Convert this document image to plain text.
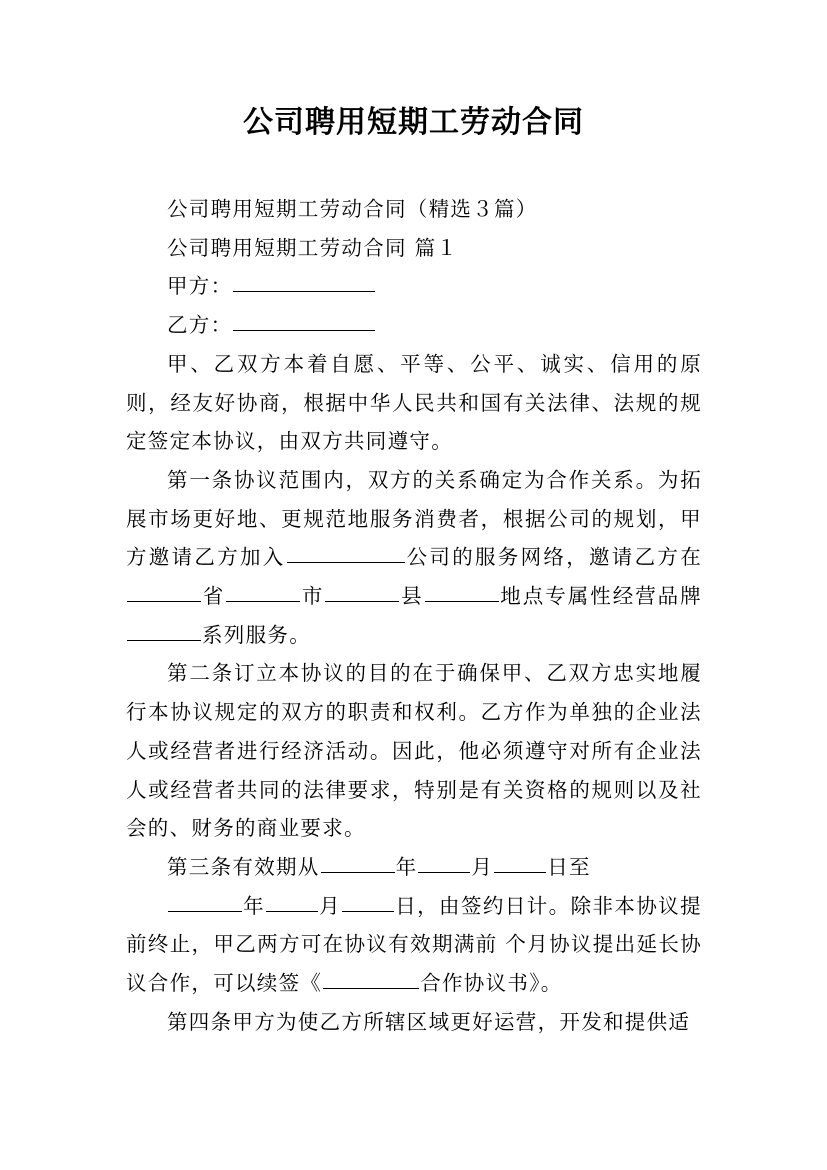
公司聘用短期工劳动合同

公司聘用短期工劳动合同（精选３篇）

公司聘用短期工劳动合同 篇１

甲方：

乙方：

甲、乙双方本着自愿、平等、公平、诚实、信用的原则，经友好协商，根据中华人民共和国有关法律、法规的规定签定本协议，由双方共同遵守。

第一条协议范围内，双方的关系确定为合作关系。为拓展市场更好地、更规范地服务消费者，根据公司的规划，甲方邀请乙方加入	公司的服务网络，邀请乙方在省	市	县	地点专属性经营品牌系列服务。

第二条订立本协议的目的在于确保甲、乙双方忠实地履行本协议规定的双方的职责和权利。乙方作为单独的企业法人或经营者进行经济活动。因此，他必须遵守对所有企业法人或经营者共同的法律要求，特别是有关资格的规则以及社会的、财务的商业要求。

第三条有效期从	年	月	日至

年	月	日，由签约日计。除非本协议提前终止，甲乙两方可在协议有效期满前 个月协议提出延长协议合作，可以续签《	合作协议书》。

第四条甲方为使乙方所辖区域更好运营，开发和提供适
